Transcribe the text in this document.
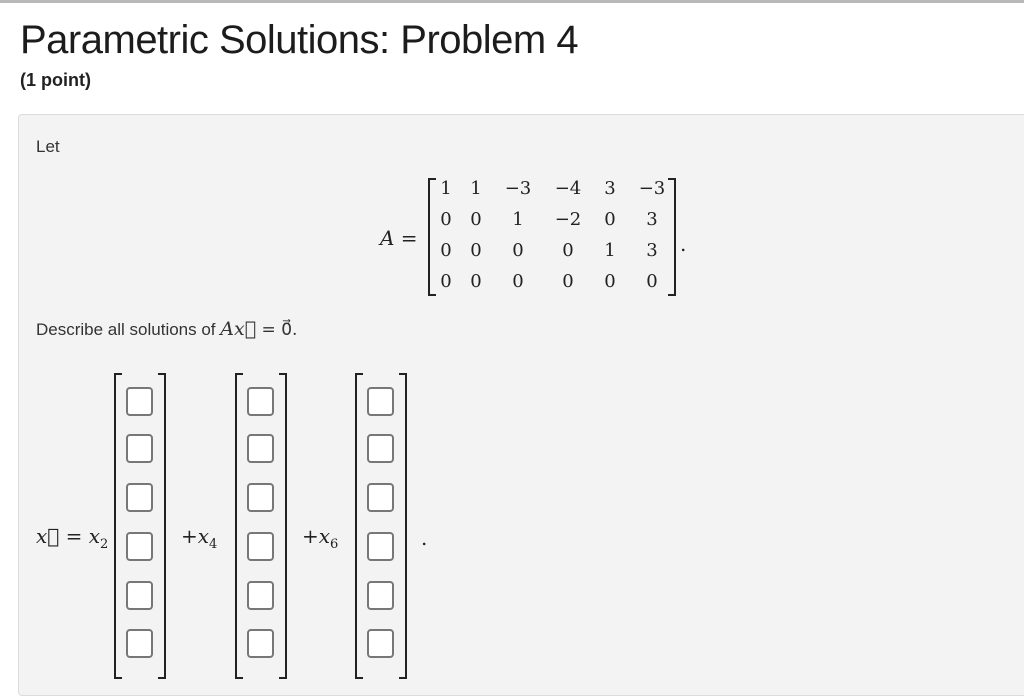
Parametric Solutions: Problem 4
(1 point)
Let
A =
1	1	−3	−4	3	−3
0	0	1	−2	0	3
0	0	0	0	1	3
0	0	0	0	0	0
.
Describe all solutions of Ax⃗ = 0⃗.
x⃗ = $x_2$	$+x_4$	$+x_6$	.
